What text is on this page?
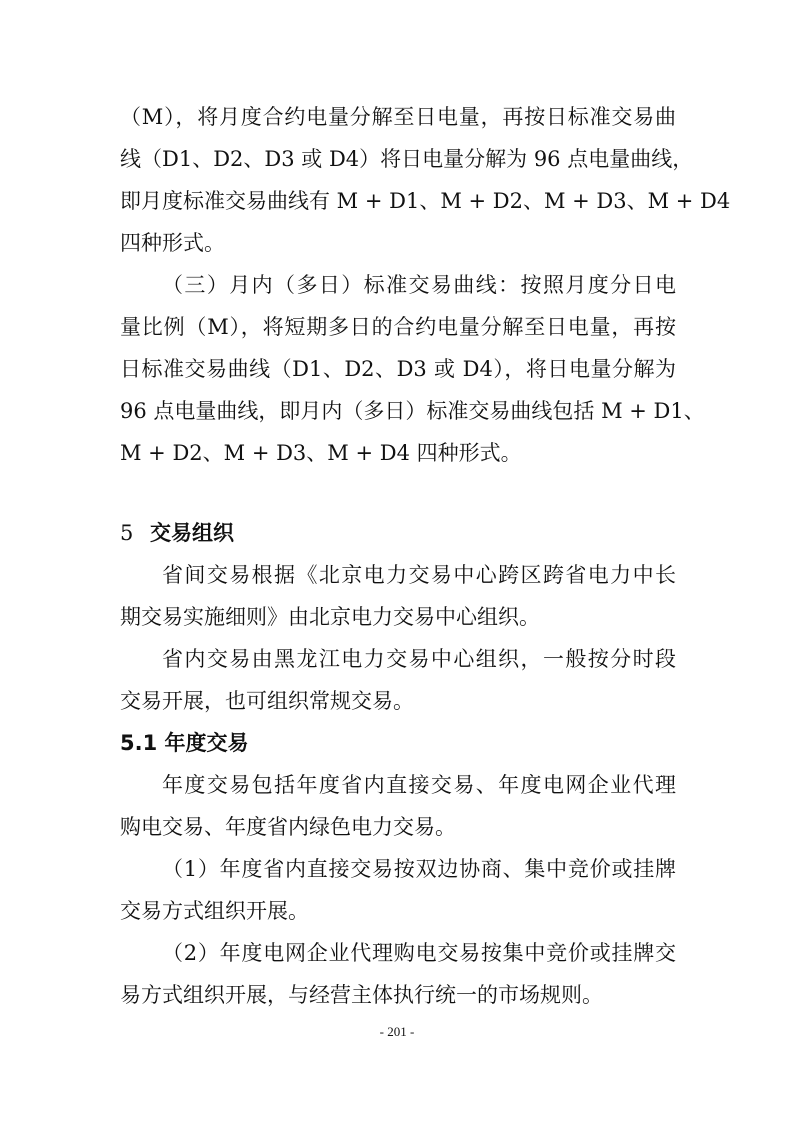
（M），将月度合约电量分解至日电量，再按日标准交易曲
线（D1、D2、D3 或 D4）将日电量分解为 96 点电量曲线，
即月度标准交易曲线有 M + D1、M + D2、M + D3、M + D4
四种形式。
（三）月内（多日）标准交易曲线：按照月度分日电
量比例（M），将短期多日的合约电量分解至日电量，再按
日标准交易曲线（D1、D2、D3 或 D4），将日电量分解为
96 点电量曲线，即月内（多日）标准交易曲线包括 M + D1、
M + D2、M + D3、M + D4 四种形式。
5 交易组织
省间交易根据《北京电力交易中心跨区跨省电力中长
期交易实施细则》由北京电力交易中心组织。
省内交易由黑龙江电力交易中心组织，一般按分时段
交易开展，也可组织常规交易。
5.1 年度交易
年度交易包括年度省内直接交易、年度电网企业代理
购电交易、年度省内绿色电力交易。
（1）年度省内直接交易按双边协商、集中竞价或挂牌
交易方式组织开展。
（2）年度电网企业代理购电交易按集中竞价或挂牌交
易方式组织开展，与经营主体执行统一的市场规则。
- 201 -
